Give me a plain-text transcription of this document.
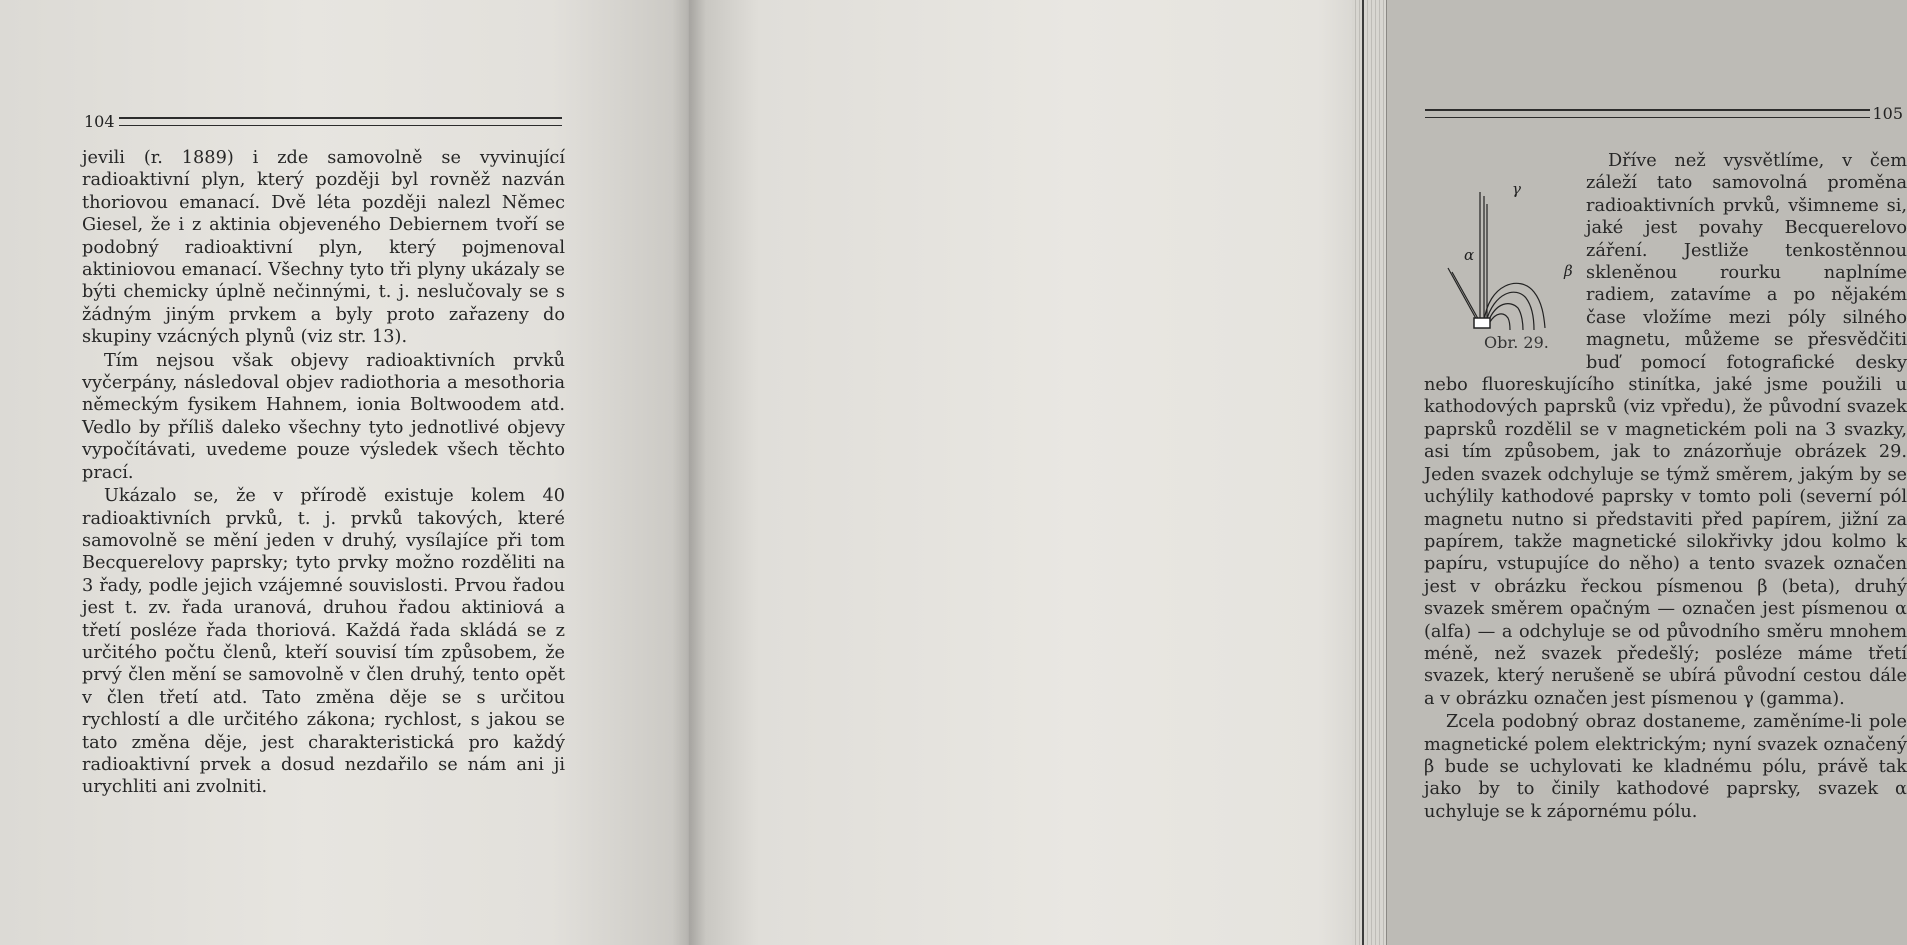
104

jevili (r. 1889) i zde samovolně se vyvinující radioaktivní plyn, který později byl rovněž nazván thoriovou emanací. Dvě léta později nalezl Němec Giesel, že i z aktinia objeveného Debiernem tvoří se podobný radioaktivní plyn, který pojmenoval aktiniovou emanací. Všechny tyto tři plyny ukázaly se býti chemicky úplně nečinnými, t. j. neslučovaly se s žádným jiným prvkem a byly proto zařazeny do skupiny vzácných plynů (viz str. 13).

Tím nejsou však objevy radioaktivních prvků vyčerpány, následoval objev radiothoria a mesothoria německým fysikem Hahnem, ionia Boltwoodem atd. Vedlo by příliš daleko všechny tyto jednotlivé objevy vypočítávati, uvedeme pouze výsledek všech těchto prací.

Ukázalo se, že v přírodě existuje kolem 40 radioaktivních prvků, t. j. prvků takových, které samovolně se mění jeden v druhý, vysílajíce při tom Becquerelovy paprsky; tyto prvky možno rozděliti na 3 řady, podle jejich vzájemné souvislosti. Prvou řadou jest t. zv. řada uranová, druhou řadou aktiniová a třetí posléze řada thoriová. Každá řada skládá se z určitého počtu členů, kteří souvisí tím způsobem, že prvý člen mění se samovolně v člen druhý, tento opět v člen třetí atd. Tato změna děje se s určitou rychlostí a dle určitého zákona; rychlost, s jakou se tato změna děje, jest charakteristická pro každý radioaktivní prvek a dosud nezdařilo se nám ani ji urychliti ani zvolniti.

105

γ
α
β
Obr. 29.
Dříve než vysvětlíme, v čem záleží tato samovolná proměna radioaktivních prvků, všimneme si, jaké jest povahy Becquerelovo záření. Jestliže tenkostěnnou skleněnou rourku naplníme radiem, zatavíme a po nějakém čase vložíme mezi póly silného magnetu, můžeme se přesvědčiti buď pomocí fotografické desky nebo fluoreskujícího stinítka, jaké jsme použili u kathodových paprsků (viz vpředu), že původní svazek paprsků rozdělil se v magnetickém poli na 3 svazky, asi tím způsobem, jak to znázorňuje obrázek 29. Jeden svazek odchyluje se týmž směrem, jakým by se uchýlily kathodové paprsky v tomto poli (severní pól magnetu nutno si představiti před papírem, jižní za papírem, takže magnetické silokřivky jdou kolmo k papíru, vstupujíce do něho) a tento svazek označen jest v obrázku řeckou písmenou β (beta), druhý svazek směrem opačným — označen jest písmenou α (alfa) — a odchyluje se od původního směru mnohem méně, než svazek předešlý; posléze máme třetí svazek, který nerušeně se ubírá původní cestou dále a v obrázku označen jest písmenou γ (gamma).

Zcela podobný obraz dostaneme, zaměníme-li pole magnetické polem elektrickým; nyní svazek označený β bude se uchylovati ke kladnému pólu, právě tak jako by to činily kathodové paprsky, svazek α uchyluje se k zápornému pólu.
